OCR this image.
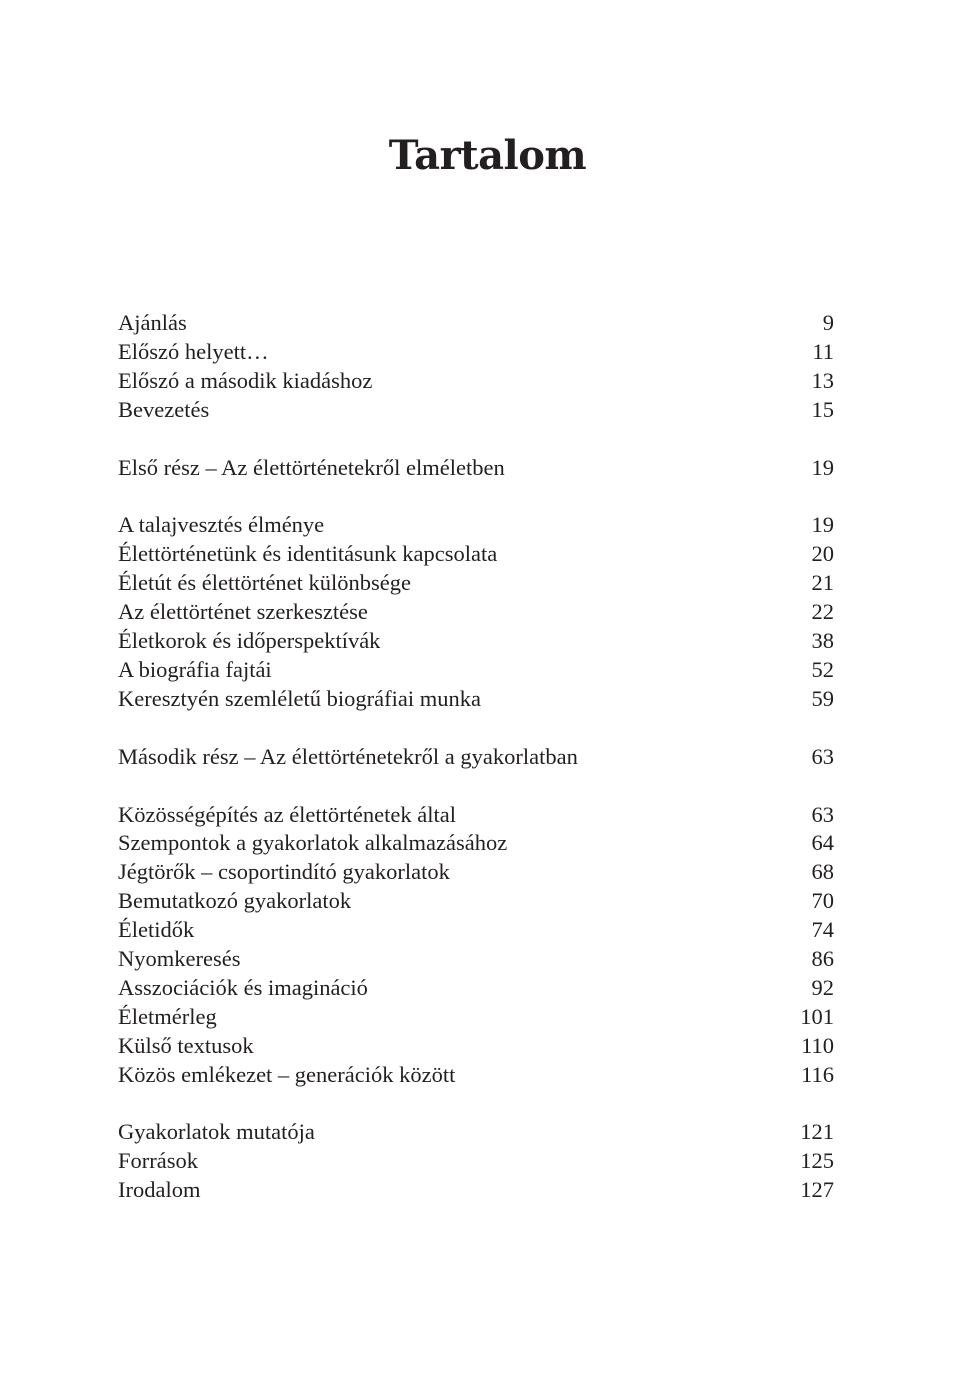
Tartalom
Ajánlás	9
Előszó helyett…	11
Előszó a második kiadáshoz	13
Bevezetés	15
Első rész – Az élettörténetekről elméletben	19
A talajvesztés élménye	19
Élettörténetünk és identitásunk kapcsolata	20
Életút és élettörténet különbsége	21
Az élettörténet szerkesztése	22
Életkorok és időperspektívák	38
A biográfia fajtái	52
Keresztyén szemléletű biográfiai munka	59
Második rész – Az élettörténetekről a gyakorlatban	63
Közösségépítés az élettörténetek által	63
Szempontok a gyakorlatok alkalmazásához	64
Jégtörők – csoportindító gyakorlatok	68
Bemutatkozó gyakorlatok	70
Életidők	74
Nyomkeresés	86
Asszociációk és imagináció	92
Életmérleg	101
Külső textusok	110
Közös emlékezet – generációk között	116
Gyakorlatok mutatója	121
Források	125
Irodalom	127
